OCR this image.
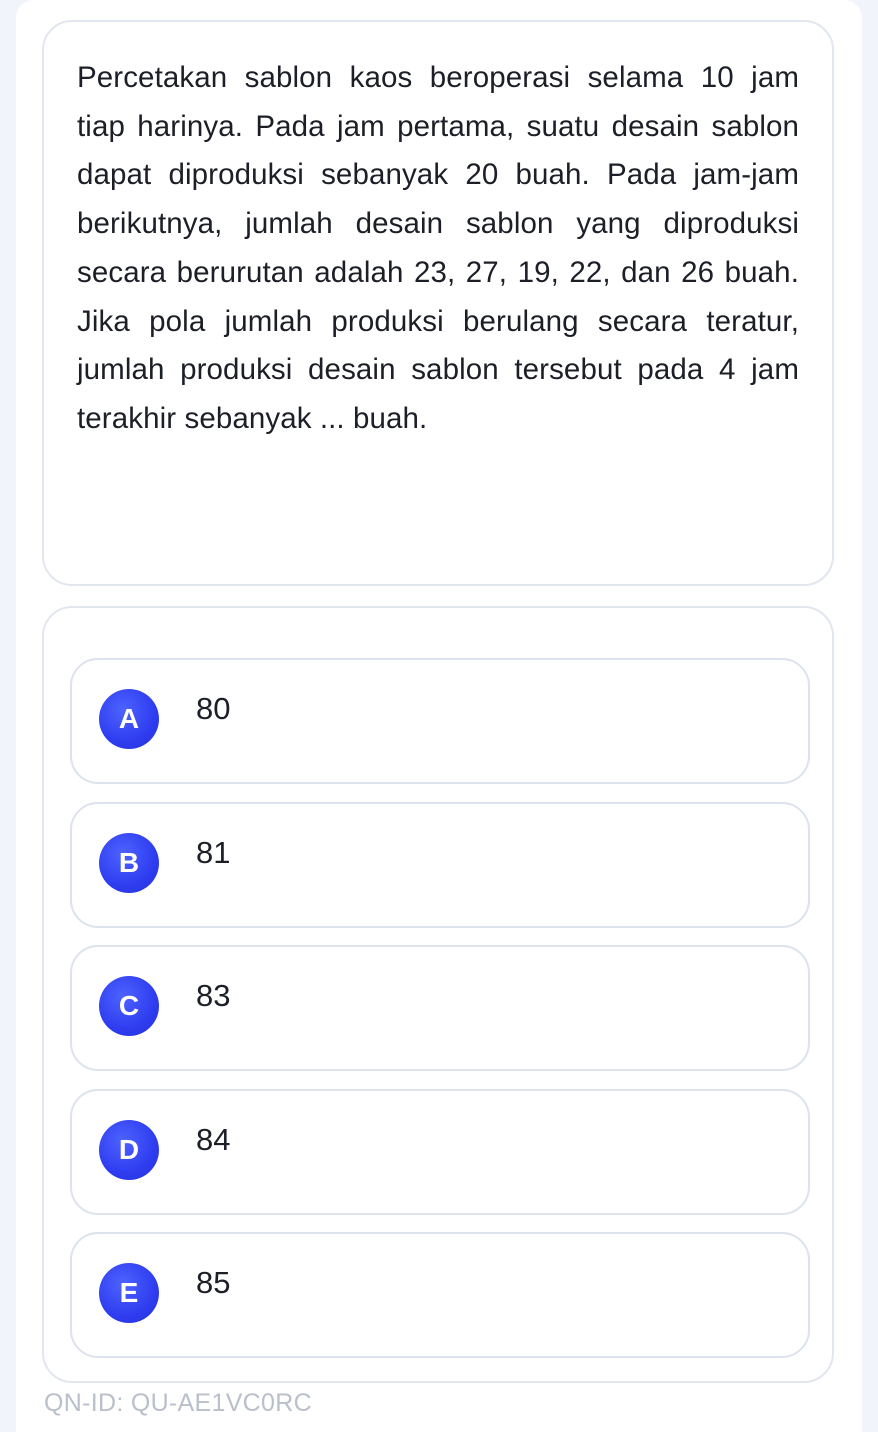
Percetakan sablon kaos beroperasi selama 10 jam tiap harinya. Pada jam pertama, suatu desain sablon dapat diproduksi sebanyak 20 buah. Pada jam-jam berikutnya, jumlah desain sablon yang diproduksi secara berurutan adalah 23, 27, 19, 22, dan 26 buah. Jika pola jumlah produksi berulang secara teratur, jumlah produksi desain sablon tersebut pada 4 jam terakhir sebanyak ... buah.

A	80
B	81
C	83
D	84
E	85
QN-ID: QU-AE1VC0RC
